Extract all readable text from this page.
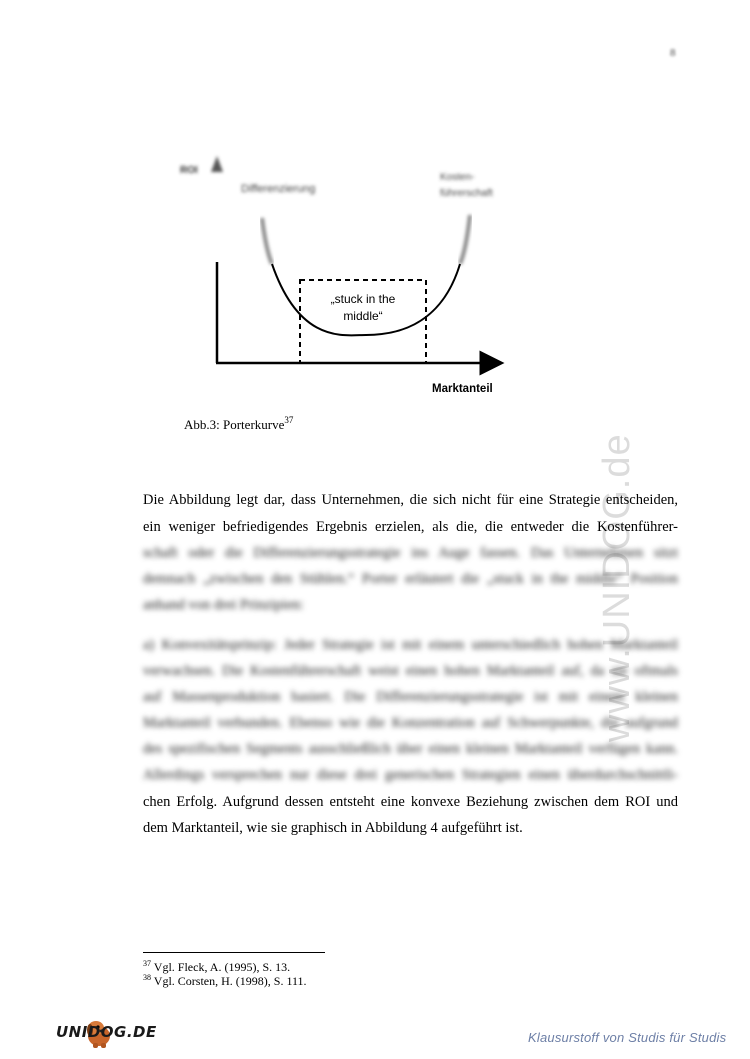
8
www.UNIDOG.de
ROI
Differenzierung
Kosten-
führerschaft
„stuck in the
middle“
Marktanteil
Abb.3: Porterkurve$^{37}$
Die Abbildung legt dar, dass Unternehmen, die sich nicht für eine Strategie entscheiden,
ein weniger befriedigendes Ergebnis erzielen, als die, die entweder die Kostenführer-
schaft oder die Differenzierungsstrategie ins Auge fassen. Das Unternehmen sitzt
demnach „zwischen den Stühlen.“ Porter erläutert die „stuck in the middle“ Position
anhand von drei Prinzipien:
a) Konvexitätsprinzip: Jeder Strategie ist mit einem unterschiedlich hohen Marktanteil
verwachsen. Die Kostenführerschaft weist einen hohen Marktanteil auf, da sie oftmals
auf Massenproduktion basiert. Die Differenzierungsstrategie ist mit einem kleinen
Marktanteil verbunden. Ebenso wie die Konzentration auf Schwerpunkte, die aufgrund
des spezifischen Segments ausschließlich über einen kleinen Marktanteil verfügen kann.
Allerdings versprechen nur diese drei generischen Strategien einen überdurchschnittli-
chen Erfolg. Aufgrund dessen entsteht eine konvexe Beziehung zwischen dem ROI und
dem Marktanteil, wie sie graphisch in Abbildung 4 aufgeführt ist.
$^{37}$ Vgl. Fleck, A. (1995), S. 13.
$^{38}$ Vgl. Corsten, H. (1998), S. 111.
UNIDOG.DE	Klausurstoff von Studis für Studis
